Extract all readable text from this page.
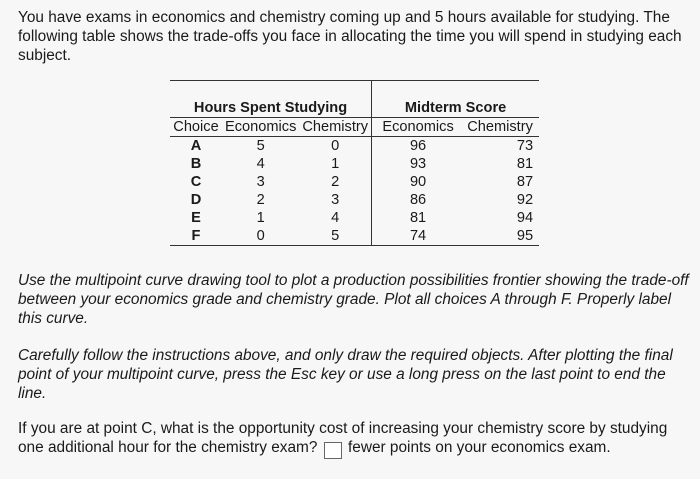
You have exams in economics and chemistry coming up and 5 hours available for studying. The following table shows the trade-offs you face in allocating the time you will spend in studying each subject.

Hours Spent Studying			Midterm Score	
Choice	Economics	Chemistry	Economics	Chemistry
A	5	0	96	73
B	4	1	93	81
C	3	2	90	87
D	2	3	86	92
E	1	4	81	94
F	0	5	74	95

Use the multipoint curve drawing tool to plot a production possibilities frontier showing the trade-off between your economics grade and chemistry grade. Plot all choices A through F. Properly label this curve.

Carefully follow the instructions above, and only draw the required objects. After plotting the final point of your multipoint curve, press the Esc key or use a long press on the last point to end the line.

If you are at point C, what is the opportunity cost of increasing your chemistry score by studying one additional hour for the chemistry exam? fewer points on your economics exam.
